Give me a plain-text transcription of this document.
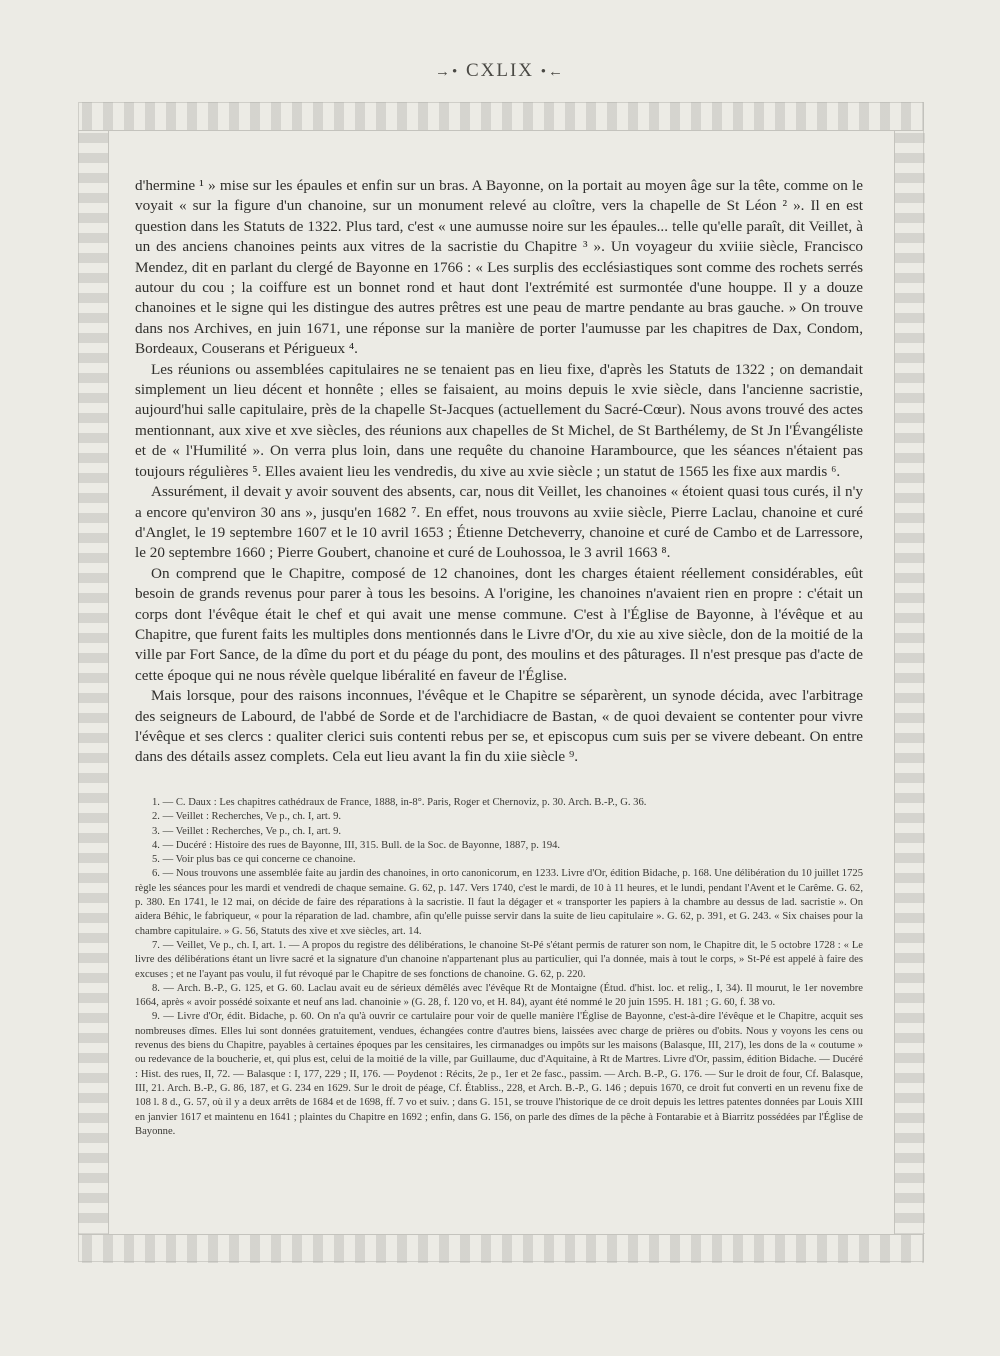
→• CXLIX •←

d'hermine ¹ » mise sur les épaules et enfin sur un bras. A Bayonne, on la portait au moyen âge sur la tête, comme on le voyait « sur la figure d'un chanoine, sur un monument relevé au cloître, vers la chapelle de St Léon ² ». Il en est question dans les Statuts de 1322. Plus tard, c'est « une aumusse noire sur les épaules... telle qu'elle paraît, dit Veillet, à un des anciens chanoines peints aux vitres de la sacristie du Chapitre ³ ». Un voyageur du xviiie siècle, Francisco Mendez, dit en parlant du clergé de Bayonne en 1766 : « Les surplis des ecclésiastiques sont comme des rochets serrés autour du cou ; la coiffure est un bonnet rond et haut dont l'extrémité est surmontée d'une houppe. Il y a douze chanoines et le signe qui les distingue des autres prêtres est une peau de martre pendante au bras gauche. » On trouve dans nos Archives, en juin 1671, une réponse sur la manière de porter l'aumusse par les chapitres de Dax, Condom, Bordeaux, Couserans et Périgueux ⁴.

Les réunions ou assemblées capitulaires ne se tenaient pas en lieu fixe, d'après les Statuts de 1322 ; on demandait simplement un lieu décent et honnête ; elles se faisaient, au moins depuis le xvie siècle, dans l'ancienne sacristie, aujourd'hui salle capitulaire, près de la chapelle St-Jacques (actuellement du Sacré-Cœur). Nous avons trouvé des actes mentionnant, aux xive et xve siècles, des réunions aux chapelles de St Michel, de St Barthélemy, de St Jn l'Évangéliste et de « l'Humilité ». On verra plus loin, dans une requête du chanoine Harambource, que les séances n'étaient pas toujours régulières ⁵. Elles avaient lieu les vendredis, du xive au xvie siècle ; un statut de 1565 les fixe aux mardis ⁶.

Assurément, il devait y avoir souvent des absents, car, nous dit Veillet, les chanoines « étoient quasi tous curés, il n'y a encore qu'environ 30 ans », jusqu'en 1682 ⁷. En effet, nous trouvons au xviie siècle, Pierre Laclau, chanoine et curé d'Anglet, le 19 septembre 1607 et le 10 avril 1653 ; Étienne Detcheverry, chanoine et curé de Cambo et de Larressore, le 20 septembre 1660 ; Pierre Goubert, chanoine et curé de Louhossoa, le 3 avril 1663 ⁸.

On comprend que le Chapitre, composé de 12 chanoines, dont les charges étaient réellement considérables, eût besoin de grands revenus pour parer à tous les besoins. A l'origine, les chanoines n'avaient rien en propre : c'était un corps dont l'évêque était le chef et qui avait une mense commune. C'est à l'Église de Bayonne, à l'évêque et au Chapitre, que furent faits les multiples dons mentionnés dans le Livre d'Or, du xie au xive siècle, don de la moitié de la ville par Fort Sance, de la dîme du port et du péage du pont, des moulins et des pâturages. Il n'est presque pas d'acte de cette époque qui ne nous révèle quelque libéralité en faveur de l'Église.

Mais lorsque, pour des raisons inconnues, l'évêque et le Chapitre se séparèrent, un synode décida, avec l'arbitrage des seigneurs de Labourd, de l'abbé de Sorde et de l'archidiacre de Bastan, « de quoi devaient se contenter pour vivre l'évêque et ses clercs : qualiter clerici suis contenti rebus per se, et episcopus cum suis per se vivere debeant. On entre dans des détails assez complets. Cela eut lieu avant la fin du xiie siècle ⁹.

1. — C. Daux : Les chapitres cathédraux de France, 1888, in-8°. Paris, Roger et Chernoviz, p. 30. Arch. B.-P., G. 36.

2. — Veillet : Recherches, Ve p., ch. I, art. 9.

3. — Veillet : Recherches, Ve p., ch. I, art. 9.

4. — Ducéré : Histoire des rues de Bayonne, III, 315. Bull. de la Soc. de Bayonne, 1887, p. 194.

5. — Voir plus bas ce qui concerne ce chanoine.

6. — Nous trouvons une assemblée faite au jardin des chanoines, in orto canonicorum, en 1233. Livre d'Or, édition Bidache, p. 168. Une délibération du 10 juillet 1725 règle les séances pour les mardi et vendredi de chaque semaine. G. 62, p. 147. Vers 1740, c'est le mardi, de 10 à 11 heures, et le lundi, pendant l'Avent et le Carême. G. 62, p. 380. En 1741, le 12 mai, on décide de faire des réparations à la sacristie. Il faut la dégager et « transporter les papiers à la chambre au dessus de lad. sacristie ». On aidera Béhic, le fabriqueur, « pour la réparation de lad. chambre, afin qu'elle puisse servir dans la suite de lieu capitulaire ». G. 62, p. 391, et G. 243. « Six chaises pour la chambre capitulaire. » G. 56, Statuts des xive et xve siècles, art. 14.

7. — Veillet, Ve p., ch. I, art. 1. — A propos du registre des délibérations, le chanoine St-Pé s'étant permis de raturer son nom, le Chapitre dit, le 5 octobre 1728 : « Le livre des délibérations étant un livre sacré et la signature d'un chanoine n'appartenant plus au particulier, qui l'a donnée, mais à tout le corps, » St-Pé est appelé à faire des excuses ; et ne l'ayant pas voulu, il fut révoqué par le Chapitre de ses fonctions de chanoine. G. 62, p. 220.

8. — Arch. B.-P., G. 125, et G. 60. Laclau avait eu de sérieux démêlés avec l'évêque Rt de Montaigne (Étud. d'hist. loc. et relig., I, 34). Il mourut, le 1er novembre 1664, après « avoir possédé soixante et neuf ans lad. chanoinie » (G. 28, f. 120 vo, et H. 84), ayant été nommé le 20 juin 1595. H. 181 ; G. 60, f. 38 vo.

9. — Livre d'Or, édit. Bidache, p. 60. On n'a qu'à ouvrir ce cartulaire pour voir de quelle manière l'Église de Bayonne, c'est-à-dire l'évêque et le Chapitre, acquit ses nombreuses dîmes. Elles lui sont données gratuitement, vendues, échangées contre d'autres biens, laissées avec charge de prières ou d'obits. Nous y voyons les cens ou revenus des biens du Chapitre, payables à certaines époques par les censitaires, les cirmanadges ou impôts sur les maisons (Balasque, III, 217), les dons de la « coutume » ou redevance de la boucherie, et, qui plus est, celui de la moitié de la ville, par Guillaume, duc d'Aquitaine, à Rt de Martres. Livre d'Or, passim, édition Bidache. — Ducéré : Hist. des rues, II, 72. — Balasque : I, 177, 229 ; II, 176. — Poydenot : Récits, 2e p., 1er et 2e fasc., passim. — Arch. B.-P., G. 176. — Sur le droit de four, Cf. Balasque, III, 21. Arch. B.-P., G. 86, 187, et G. 234 en 1629. Sur le droit de péage, Cf. Établiss., 228, et Arch. B.-P., G. 146 ; depuis 1670, ce droit fut converti en un revenu fixe de 108 l. 8 d., G. 57, où il y a deux arrêts de 1684 et de 1698, ff. 7 vo et suiv. ; dans G. 151, se trouve l'historique de ce droit depuis les lettres patentes données par Louis XIII en janvier 1617 et maintenu en 1641 ; plaintes du Chapitre en 1692 ; enfin, dans G. 156, on parle des dîmes de la pêche à Fontarabie et à Biarritz possédées par l'Église de Bayonne.
